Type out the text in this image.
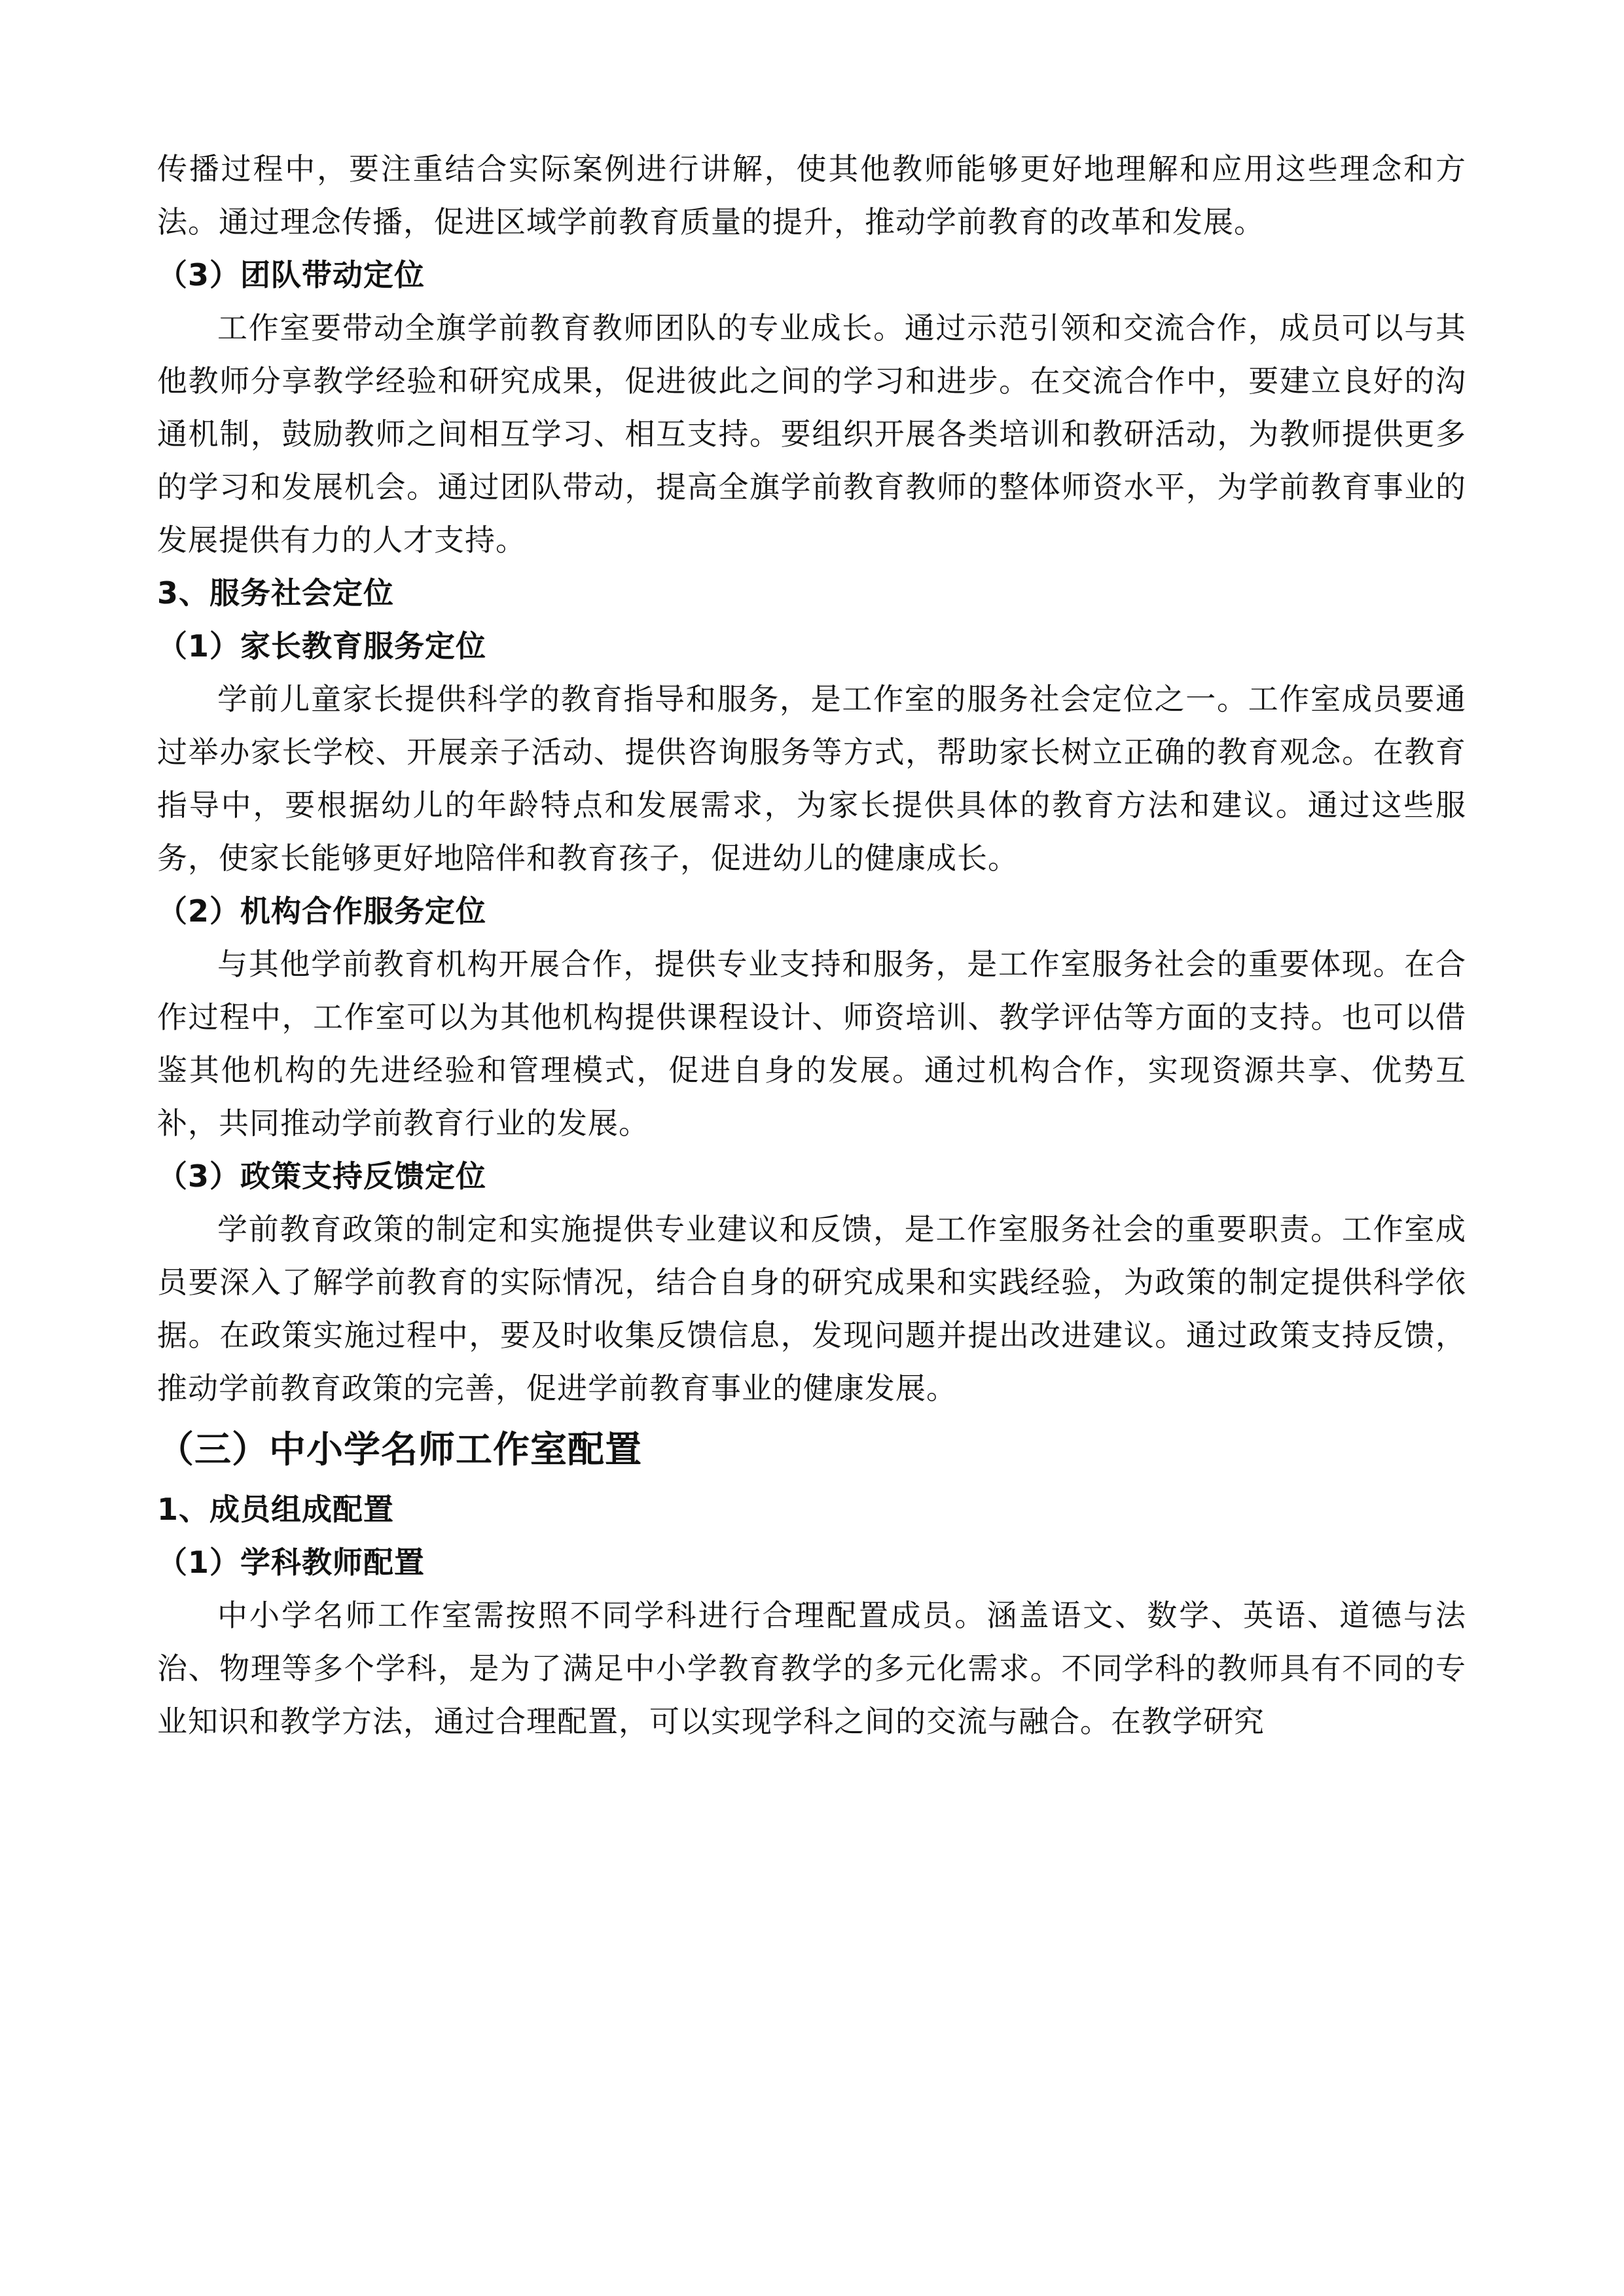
传播过程中，要注重结合实际案例进行讲解，使其他教师能够更好地理解和应用这些理念和方法。通过理念传播，促进区域学前教育质量的提升，推动学前教育的改革和发展。

（3）团队带动定位

工作室要带动全旗学前教育教师团队的专业成长。通过示范引领和交流合作，成员可以与其他教师分享教学经验和研究成果，促进彼此之间的学习和进步。在交流合作中，要建立良好的沟通机制，鼓励教师之间相互学习、相互支持。要组织开展各类培训和教研活动，为教师提供更多的学习和发展机会。通过团队带动，提高全旗学前教育教师的整体师资水平，为学前教育事业的发展提供有力的人才支持。

3、服务社会定位

（1）家长教育服务定位

学前儿童家长提供科学的教育指导和服务，是工作室的服务社会定位之一。工作室成员要通过举办家长学校、开展亲子活动、提供咨询服务等方式，帮助家长树立正确的教育观念。在教育指导中，要根据幼儿的年龄特点和发展需求，为家长提供具体的教育方法和建议。通过这些服务，使家长能够更好地陪伴和教育孩子，促进幼儿的健康成长。

（2）机构合作服务定位

与其他学前教育机构开展合作，提供专业支持和服务，是工作室服务社会的重要体现。在合作过程中，工作室可以为其他机构提供课程设计、师资培训、教学评估等方面的支持。也可以借鉴其他机构的先进经验和管理模式，促进自身的发展。通过机构合作，实现资源共享、优势互补，共同推动学前教育行业的发展。

（3）政策支持反馈定位

学前教育政策的制定和实施提供专业建议和反馈，是工作室服务社会的重要职责。工作室成员要深入了解学前教育的实际情况，结合自身的研究成果和实践经验，为政策的制定提供科学依据。在政策实施过程中，要及时收集反馈信息，发现问题并提出改进建议。通过政策支持反馈，推动学前教育政策的完善，促进学前教育事业的健康发展。

（三）中小学名师工作室配置

1、成员组成配置

（1）学科教师配置

中小学名师工作室需按照不同学科进行合理配置成员。涵盖语文、数学、英语、道德与法治、物理等多个学科，是为了满足中小学教育教学的多元化需求。不同学科的教师具有不同的专业知识和教学方法，通过合理配置，可以实现学科之间的交流与融合。在教学研究
